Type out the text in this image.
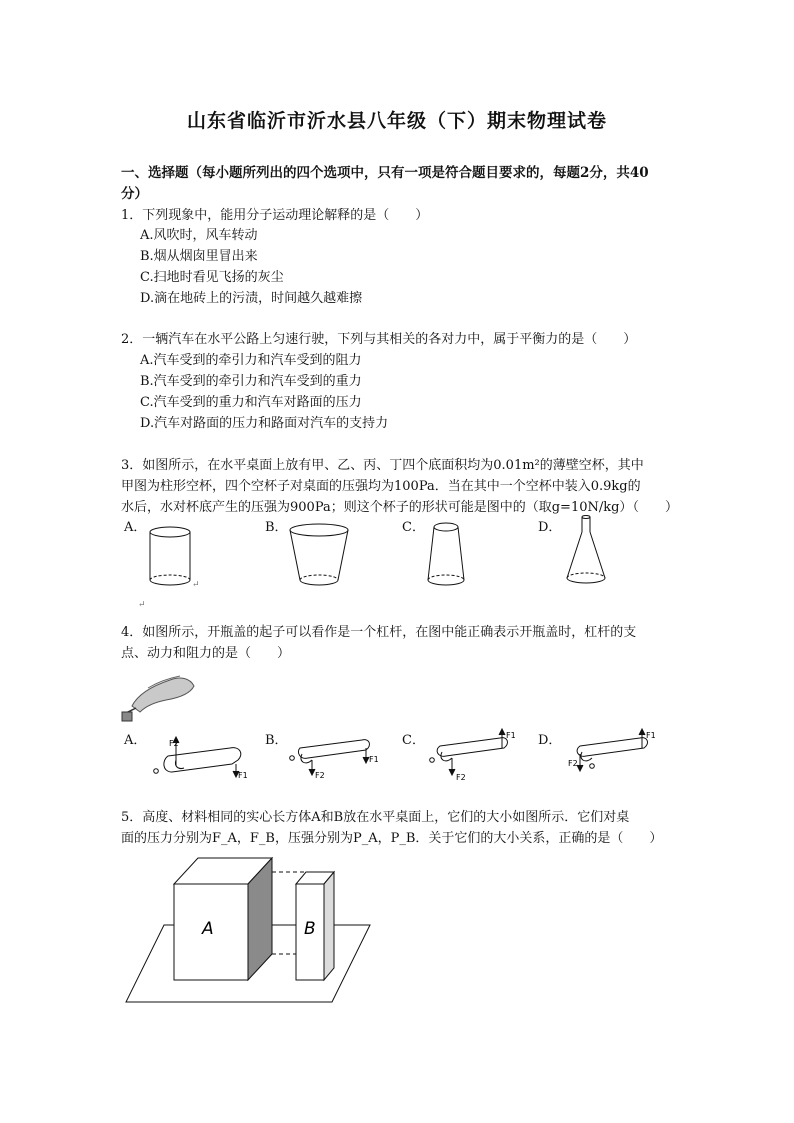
山东省临沂市沂水县八年级（下）期末物理试卷
一、选择题（每小题所列出的四个选项中，只有一项是符合题目要求的，每题2分，共40
分）
1．下列现象中，能用分子运动理论解释的是（　　）
A.风吹时，风车转动
B.烟从烟囱里冒出来
C.扫地时看见飞扬的灰尘
D.滴在地砖上的污渍，时间越久越难擦
2．一辆汽车在水平公路上匀速行驶，下列与其相关的各对力中，属于平衡力的是（　　）
A.汽车受到的牵引力和汽车受到的阻力
B.汽车受到的牵引力和汽车受到的重力
C.汽车受到的重力和汽车对路面的压力
D.汽车对路面的压力和路面对汽车的支持力
3．如图所示，在水平桌面上放有甲、乙、丙、丁四个底面积均为0.01m²的薄壁空杯，其中
甲图为柱形空杯，四个空杯子对桌面的压强均为100Pa．当在其中一个空杯中装入0.9kg的
水后，水对杯底产生的压强为900Pa；则这个杯子的形状可能是图中的（取g=10N/kg）（　　）
A．	B．	C．	D．
↵
↵
4．如图所示，开瓶盖的起子可以看作是一个杠杆，在图中能正确表示开瓶盖时，杠杆的支
点、动力和阻力的是（　　）
A．	B．	C．	D．
F2
F1	F2
F1
F1
F2
F1
F2
5．高度、材料相同的实心长方体A和B放在水平桌面上，它们的大小如图所示．它们对桌
面的压力分别为F_A，F_B，压强分别为P_A，P_B．关于它们的大小关系，正确的是（　　）
A	B
